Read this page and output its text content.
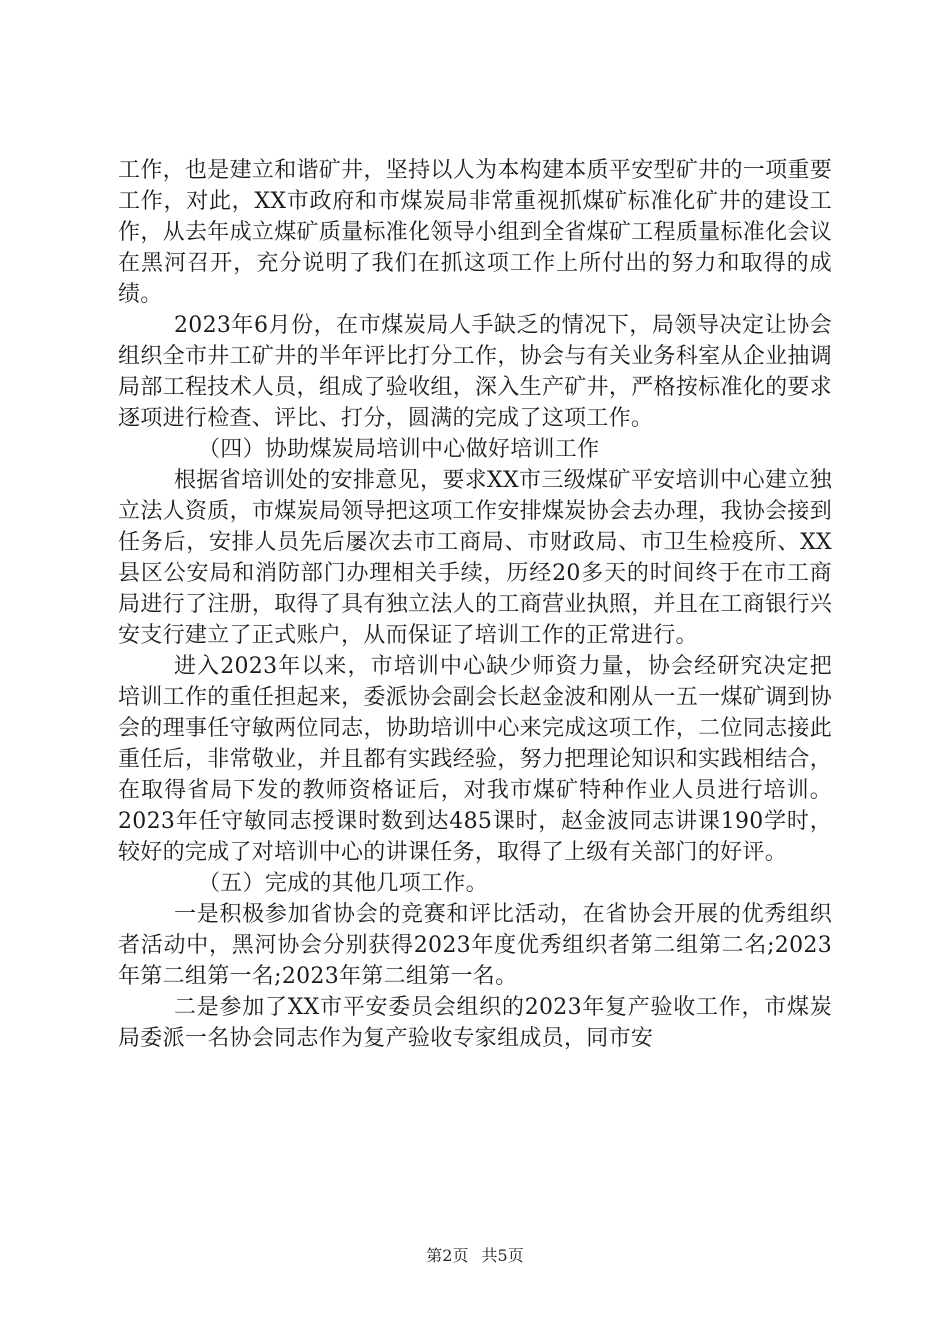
工作，也是建立和谐矿井，坚持以人为本构建本质平安型矿井的一项重要工作，对此，XX市政府和市煤炭局非常重视抓煤矿标准化矿井的建设工作，从去年成立煤矿质量标准化领导小组到全省煤矿工程质量标准化会议在黑河召开，充分说明了我们在抓这项工作上所付出的努力和取得的成绩。

2023年6月份，在市煤炭局人手缺乏的情况下，局领导决定让协会组织全市井工矿井的半年评比打分工作，协会与有关业务科室从企业抽调局部工程技术人员，组成了验收组，深入生产矿井，严格按标准化的要求逐项进行检查、评比、打分，圆满的完成了这项工作。

（四）协助煤炭局培训中心做好培训工作

根据省培训处的安排意见，要求XX市三级煤矿平安培训中心建立独立法人资质，市煤炭局领导把这项工作安排煤炭协会去办理，我协会接到任务后，安排人员先后屡次去市工商局、市财政局、市卫生检疫所、XX县区公安局和消防部门办理相关手续，历经20多天的时间终于在市工商局进行了注册，取得了具有独立法人的工商营业执照，并且在工商银行兴安支行建立了正式账户，从而保证了培训工作的正常进行。

进入2023年以来，市培训中心缺少师资力量，协会经研究决定把培训工作的重任担起来，委派协会副会长赵金波和刚从一五一煤矿调到协会的理事任守敏两位同志，协助培训中心来完成这项工作，二位同志接此重任后，非常敬业，并且都有实践经验，努力把理论知识和实践相结合，在取得省局下发的教师资格证后，对我市煤矿特种作业人员进行培训。2023年任守敏同志授课时数到达485课时，赵金波同志讲课190学时，较好的完成了对培训中心的讲课任务，取得了上级有关部门的好评。

（五）完成的其他几项工作。

一是积极参加省协会的竞赛和评比活动，在省协会开展的优秀组织者活动中，黑河协会分别获得2023年度优秀组织者第二组第二名;2023年第二组第一名;2023年第二组第一名。

二是参加了XX市平安委员会组织的2023年复产验收工作，市煤炭局委派一名协会同志作为复产验收专家组成员，同市安

第2页 共5页
